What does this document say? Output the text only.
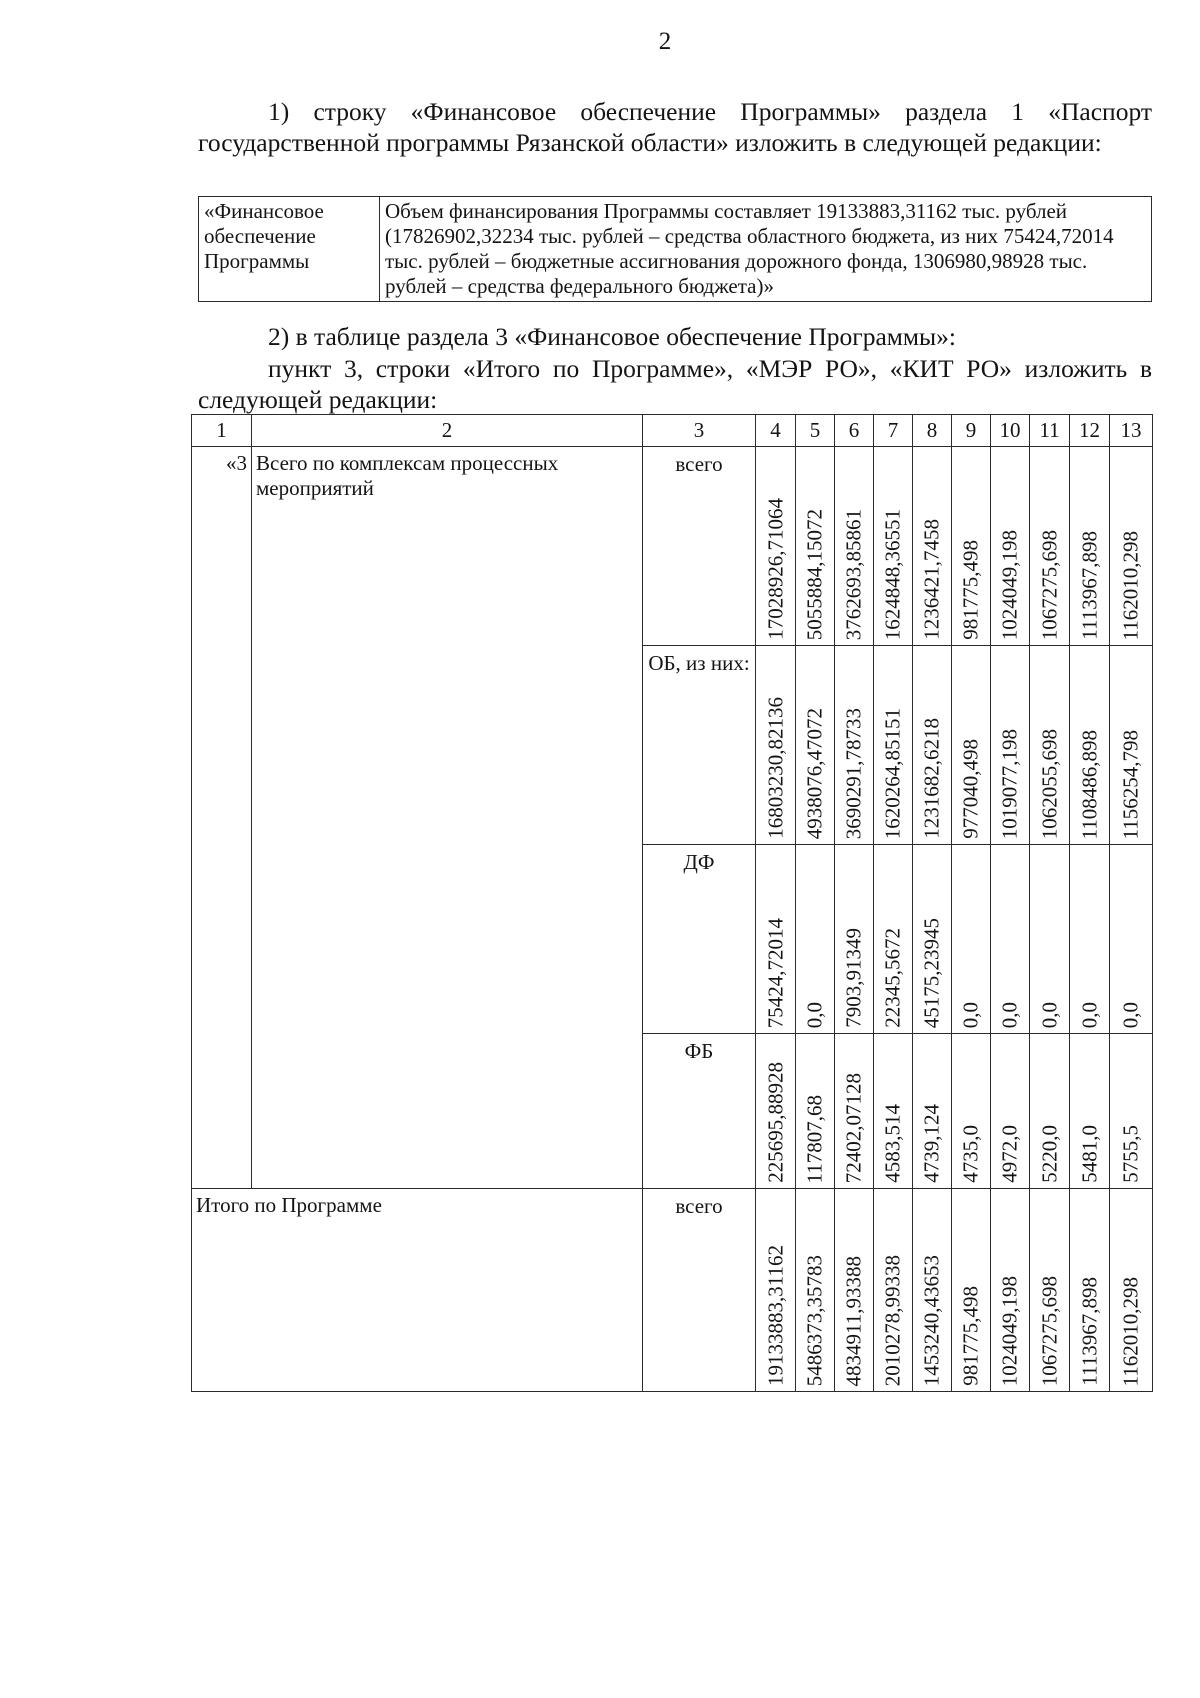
2

1) строку «Финансовое обеспечение Программы» раздела 1 «Паспорт государственной программы Рязанской области» изложить в следующей редакции:

«Финансовое обеспечение Программы	Объем финансирования Программы составляет 19133883,31162 тыс. рублей (17826902,32234 тыс. рублей – средства областного бюджета, из них 75424,72014 тыс. рублей – бюджетные ассигнования дорожного фонда, 1306980,98928 тыс. рублей – средства федерального бюджета)»

2) в таблице раздела 3 «Финансовое обеспечение Программы»:

пункт 3, строки «Итого по Программе», «МЭР РО», «КИТ РО» изложить в следующей редакции:

1	2	3	4	5	6	7	8	9	10	11	12	13
«3	Всего по комплексам процессных мероприятий	всего	17028926,71064	5055884,15072	3762693,85861	1624848,36551	1236421,7458	981775,498	1024049,198	1067275,698	1113967,898	1162010,298

		ОБ, из них:	16803230,82136	4938076,47072	3690291,78733	1620264,85151	1231682,6218	977040,498	1019077,198	1062055,698	1108486,898	1156254,798

		ДФ	75424,72014	0,0	7903,91349	22345,5672	45175,23945	0,0	0,0	0,0	0,0	0,0

		ФБ	225695,88928	117807,68	72402,07128	4583,514	4739,124	4735,0	4972,0	5220,0	5481,0	5755,5

Итого по Программе		всего	19133883,31162	5486373,35783	4834911,93388	2010278,99338	1453240,43653	981775,498	1024049,198	1067275,698	1113967,898	1162010,298
